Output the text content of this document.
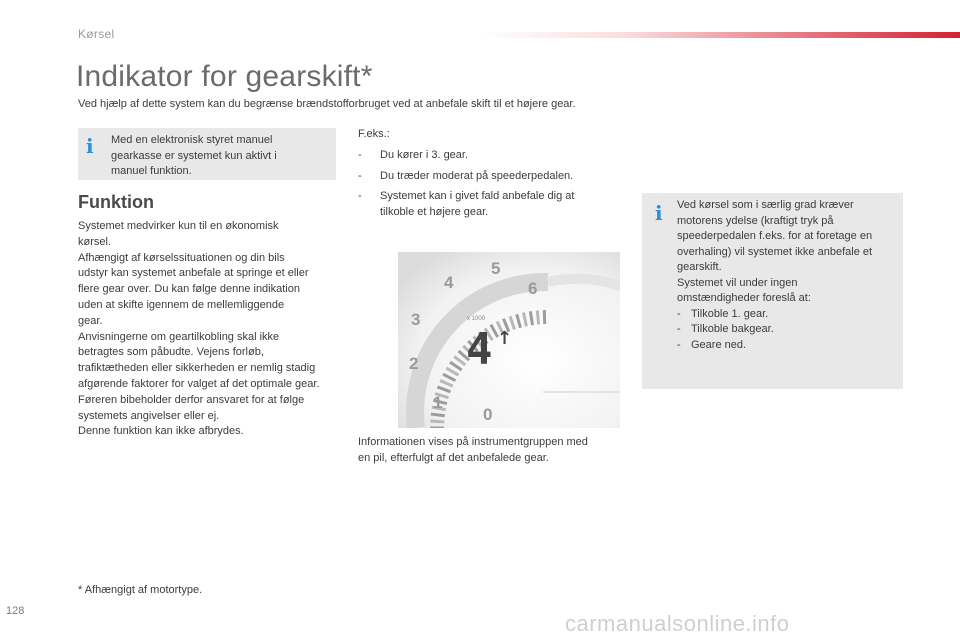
Kørsel
Indikator for gearskift*
Ved hjælp af dette system kan du begrænse brændstofforbruget ved at anbefale skift til et højere gear.
i Med en elektronisk styret manuel
gearkasse er systemet kun aktivt i
manuel funktion.
Funktion

Systemet medvirker kun til en økonomisk

kørsel.

Afhængigt af kørselssituationen og din bils

udstyr kan systemet anbefale at springe et eller

flere gear over. Du kan følge denne indikation

uden at skifte igennem de mellemliggende

gear.

Anvisningerne om geartilkobling skal ikke

betragtes som påbudte. Vejens forløb,

trafiktætheden eller sikkerheden er nemlig stadig

afgørende faktorer for valget af det optimale gear.

Føreren bibeholder derfor ansvaret for at følge

systemets angivelser eller ej.

Denne funktion kan ikke afbrydes.

F.eks.:
-	Du kører i 3. gear.
-	Du træder moderat på speederpedalen.
-	Systemet kan i givet fald anbefale dig at
tilkoble et højere gear.
0
1
2
3
4
5
6
x 1000
4 ↑
Informationen vises på instrumentgruppen med
en pil, efterfulgt af det anbefalede gear.
i Ved kørsel som i særlig grad kræver
motorens ydelse (kraftigt tryk på
speederpedalen f.eks. for at foretage en
overhaling) vil systemet ikke anbefale et
gearskift.
Systemet vil under ingen
omstændigheder foreslå at:
- Tilkoble 1. gear.
- Tilkoble bakgear.
- Geare ned.
* Afhængigt af motortype.
128	carmanualsonline.info
